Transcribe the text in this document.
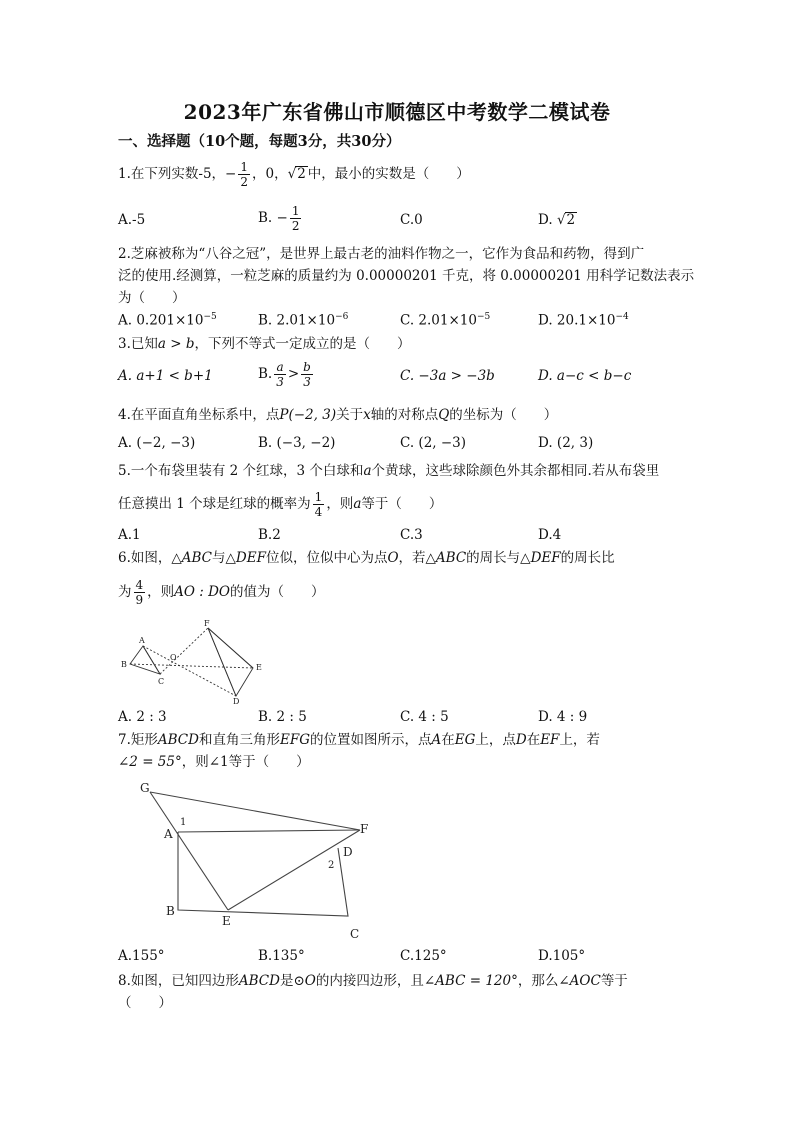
2023年广东省佛山市顺德区中考数学二模试卷
一、选择题（10个题，每题3分，共30分）
1.在下列实数-5，− $\frac{1}{2}$ ，0，√2 中，最小的实数是（　　）
A.-5	B. − $\frac{1}{2}$	C.0	D. √2
2.芝麻被称为“八谷之冠”，是世界上最古老的油料作物之一，它作为食品和药物，得到广
泛的使用.经测算，一粒芝麻的质量约为 0.00000201 千克，将 0.00000201 用科学记数法表示
为（　　）
A. $0.201\times 10^{-5}$	B. $2.01\times 10^{-6}$	C. $2.01\times 10^{-5}$	D. $20.1\times 10^{-4}$
3.已知a > b，下列不等式一定成立的是（　　）
A. a+1 < b+1	B. $\frac{a}{3} > \frac{b}{3}$	C. −3a > −3b	D. a−c < b−c
4.在平面直角坐标系中，点P(−2, 3)关于x轴的对称点Q的坐标为（　　）
A. (−2, −3)	B. (−3, −2)	C. (2, −3)	D. (2, 3)
5.一个布袋里装有 2 个红球，3 个白球和a个黄球，这些球除颜色外其余都相同.若从布袋里
任意摸出 1 个球是红球的概率为 $\frac{1}{4}$ ，则a等于（　　）
A.1	B.2	C.3	D.4
6.如图，△ABC与△DEF位似，位似中心为点O，若△ABC的周长与△DEF的周长比
为 $\frac{4}{9}$ ，则AO : DO的值为（　　）
A
B
C
O
F
E
D
A. 2 : 3	B. 2 : 5	C. 4 : 5	D. 4 : 9
7.矩形ABCD和直角三角形EFG的位置如图所示，点A在EG上，点D在EF上，若
∠2 = 55°，则∠1等于（　　）
G
A
1	F
D
2
B
E
C
A.155°	B.135°	C.125°	D.105°
8.如图，已知四边形ABCD是⊙O的内接四边形，且∠ABC = 120°，那么∠AOC等于
（　　）
